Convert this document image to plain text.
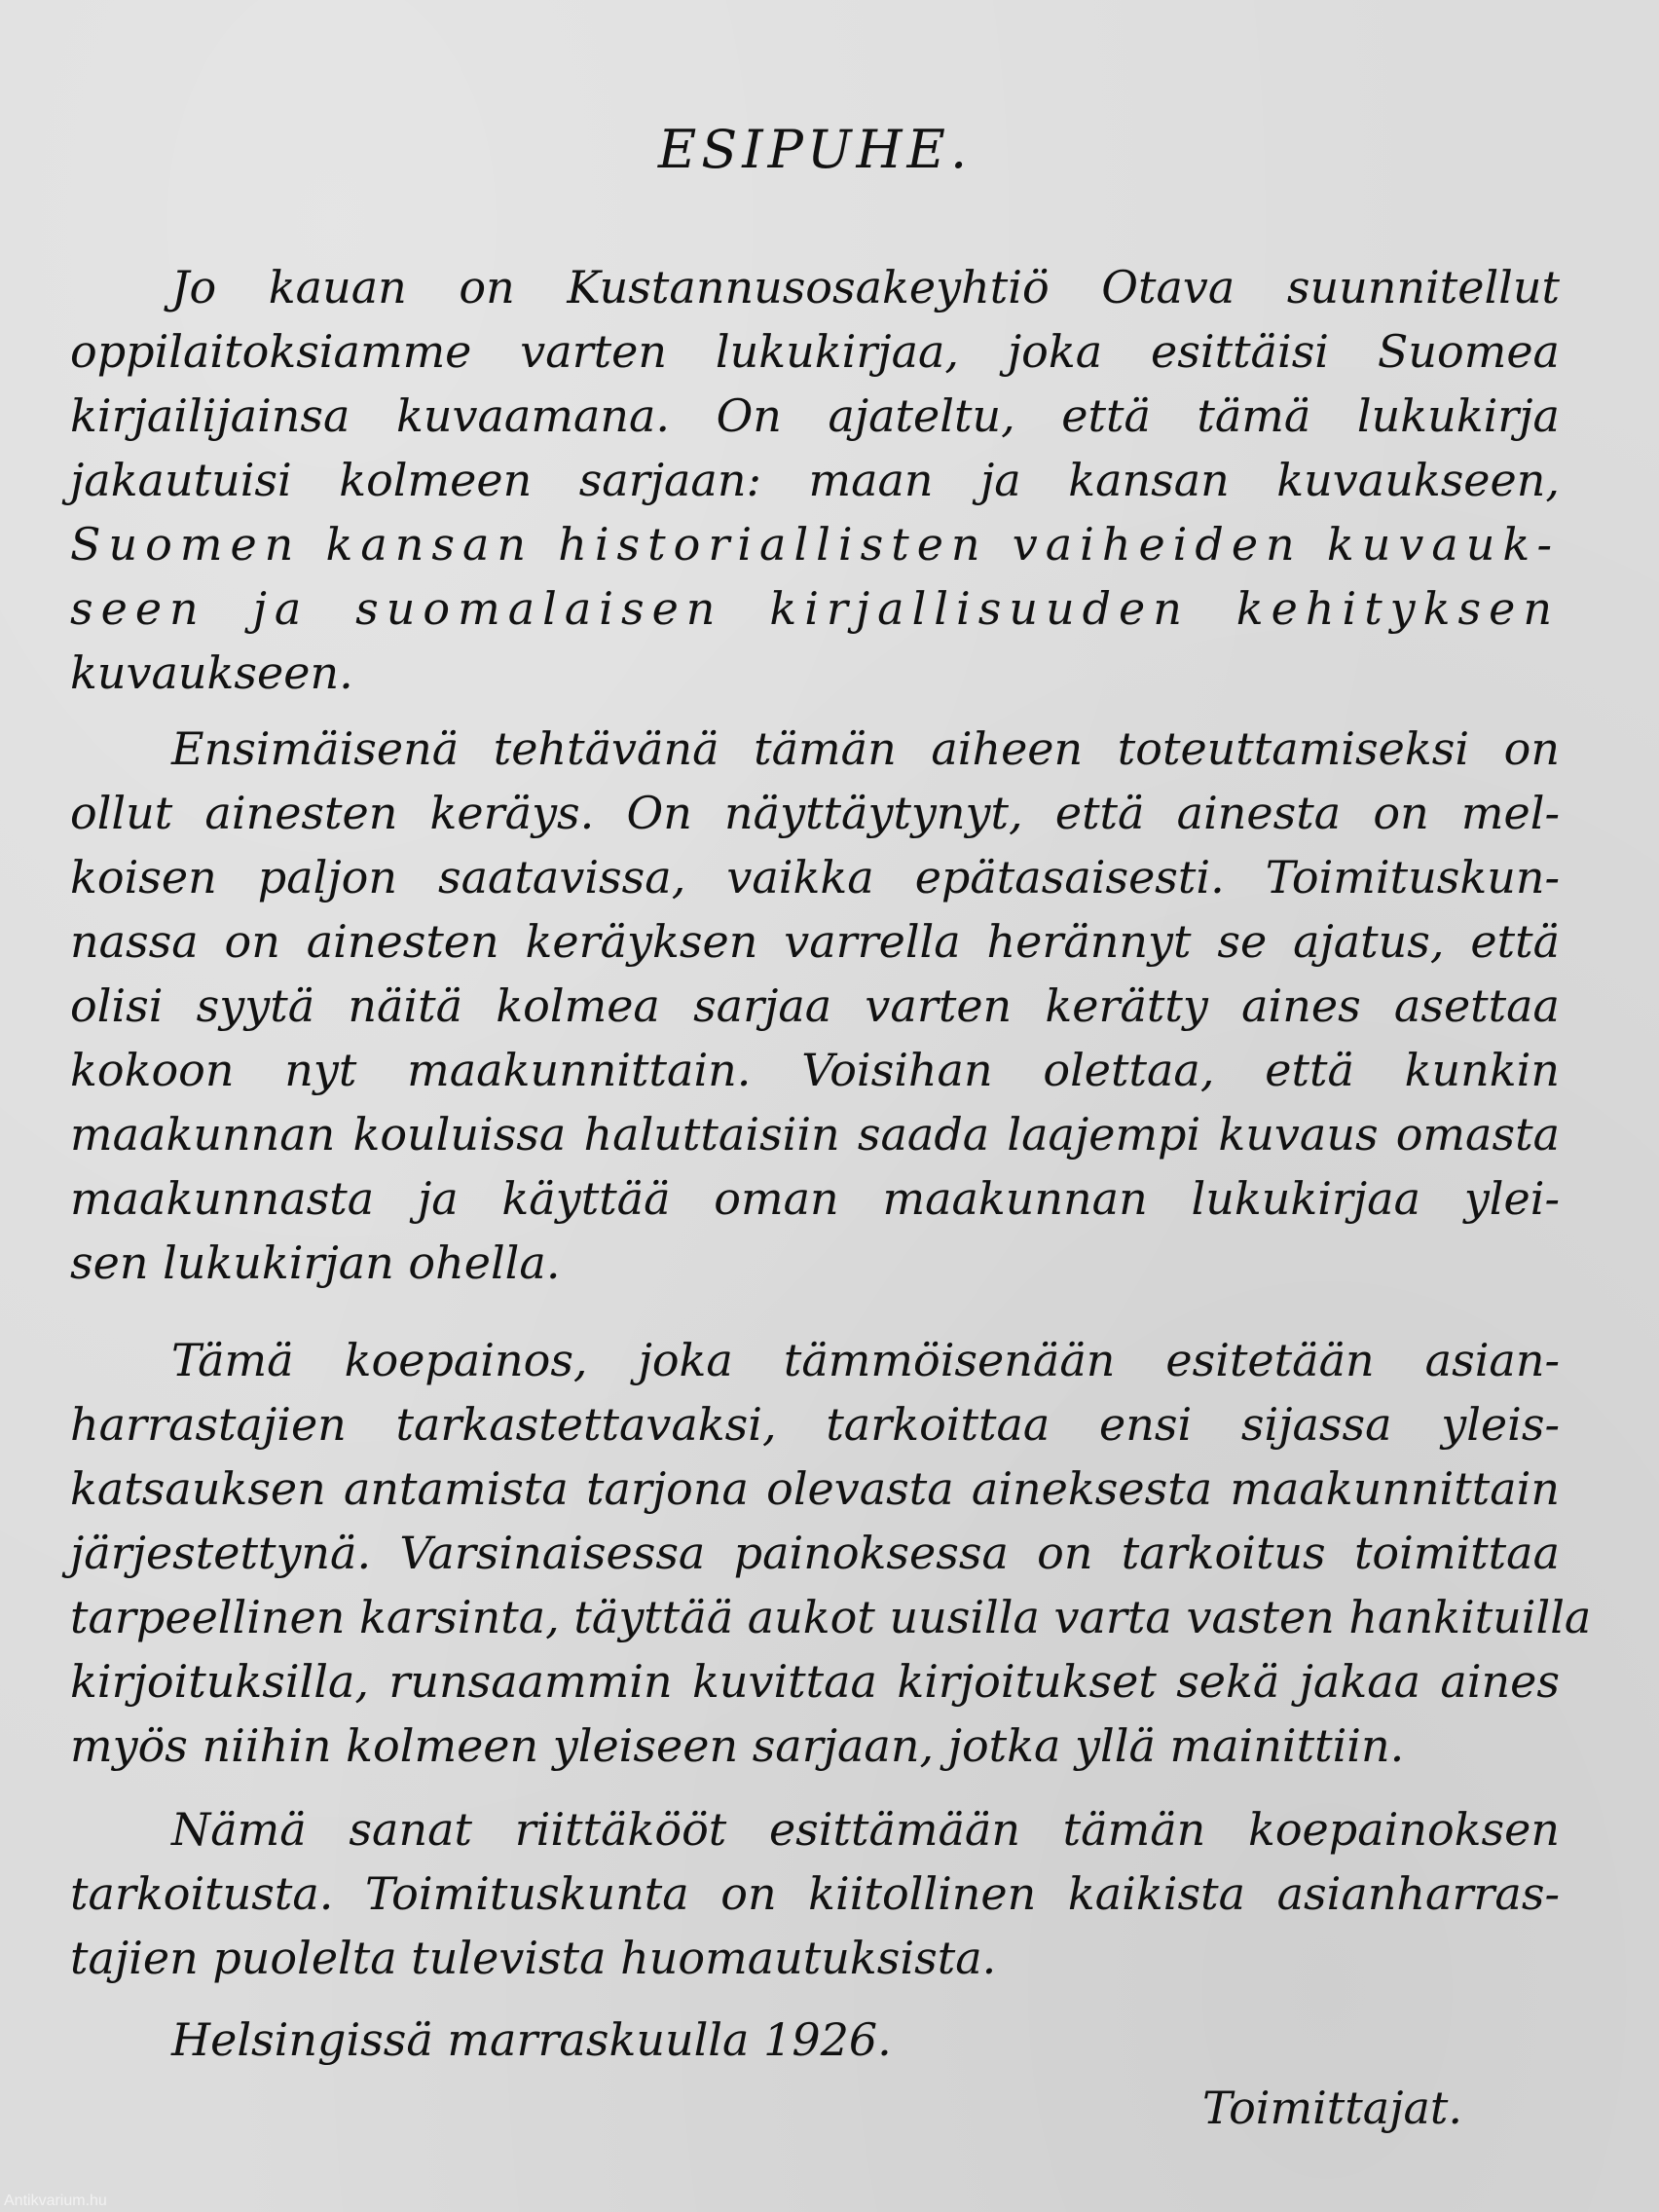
ESIPUHE.
Jo kauan on Kustannusosakeyhtiö Otava suunnitellut
oppilaitoksiamme varten lukukirjaa, joka esittäisi Suomea
kirjailijainsa kuvaamana. On ajateltu, että tämä lukukirja
jakautuisi kolmeen sarjaan: maan ja kansan kuvaukseen,
Suomen kansan historiallisten vaiheiden kuvauk-
seen ja suomalaisen kirjallisuuden kehityksen
kuvaukseen.
Ensimäisenä tehtävänä tämän aiheen toteuttamiseksi on
ollut ainesten keräys. On näyttäytynyt, että ainesta on mel-
koisen paljon saatavissa, vaikka epätasaisesti. Toimituskun-
nassa on ainesten keräyksen varrella herännyt se ajatus, että
olisi syytä näitä kolmea sarjaa varten kerätty aines asettaa
kokoon nyt maakunnittain. Voisihan olettaa, että kunkin
maakunnan kouluissa haluttaisiin saada laajempi kuvaus omasta
maakunnasta ja käyttää oman maakunnan lukukirjaa ylei-
sen lukukirjan ohella.
Tämä koepainos, joka tämmöisenään esitetään asian-
harrastajien tarkastettavaksi, tarkoittaa ensi sijassa yleis-
katsauksen antamista tarjona olevasta aineksesta maakunnittain
järjestettynä. Varsinaisessa painoksessa on tarkoitus toimittaa
tarpeellinen karsinta, täyttää aukot uusilla varta vasten hankituilla
kirjoituksilla, runsaammin kuvittaa kirjoitukset sekä jakaa aines
myös niihin kolmeen yleiseen sarjaan, jotka yllä mainittiin.
Nämä sanat riittäkööt esittämään tämän koepainoksen
tarkoitusta. Toimituskunta on kiitollinen kaikista asianharras-
tajien puolelta tulevista huomautuksista.
Helsingissä marraskuulla 1926.
Toimittajat.
Antikvarium.hu
